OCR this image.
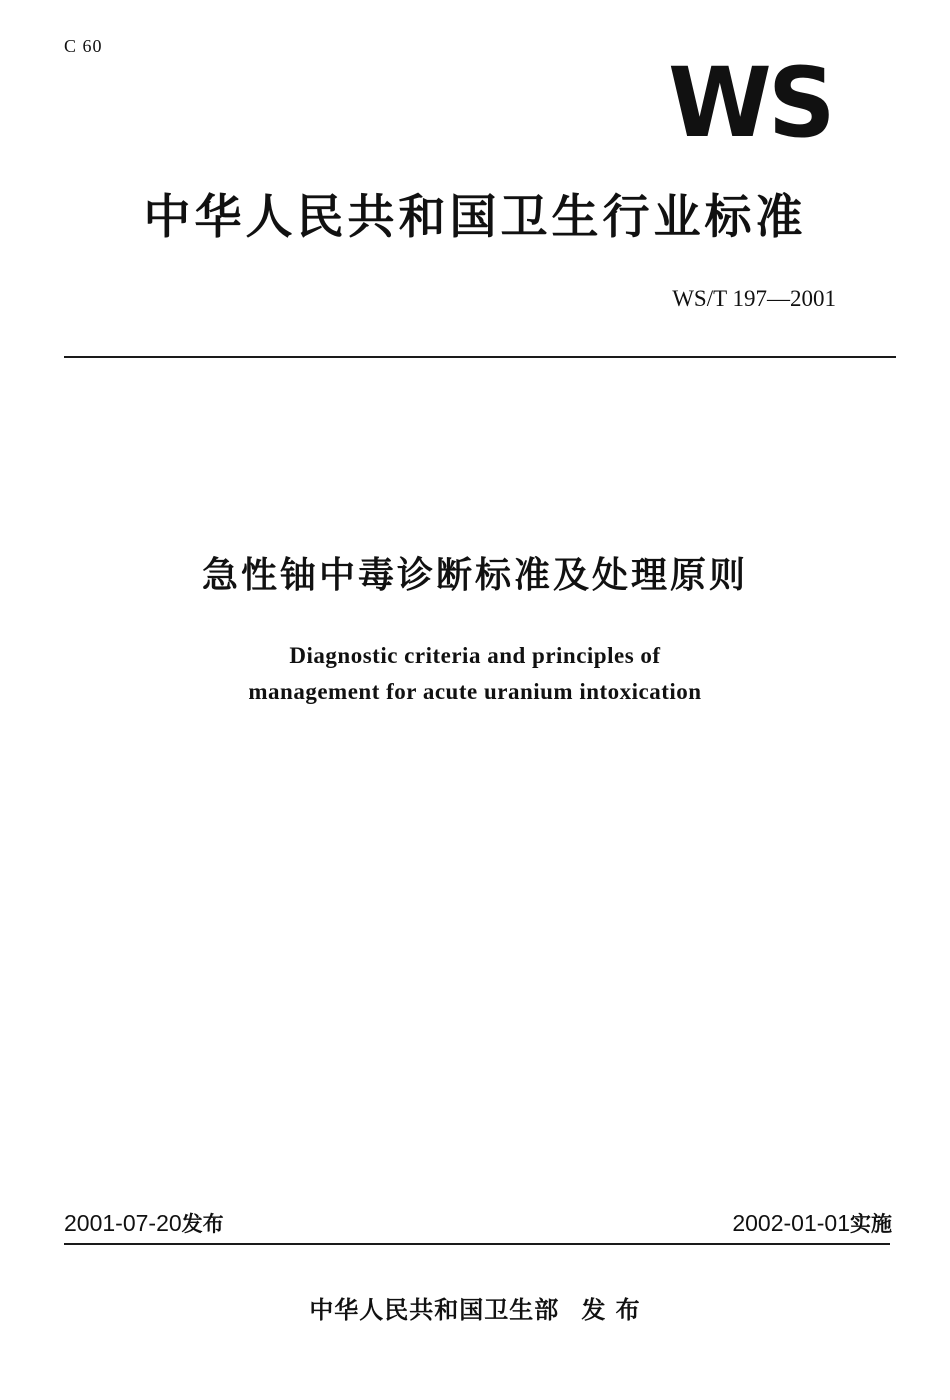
C 60
WS
中华人民共和国卫生行业标准
WS/T 197—2001
急性铀中毒诊断标准及处理原则
Diagnostic criteria and principles of
management for acute uranium intoxication
2001-07-20发布	2002-01-01实施
中华人民共和国卫生部 发 布
